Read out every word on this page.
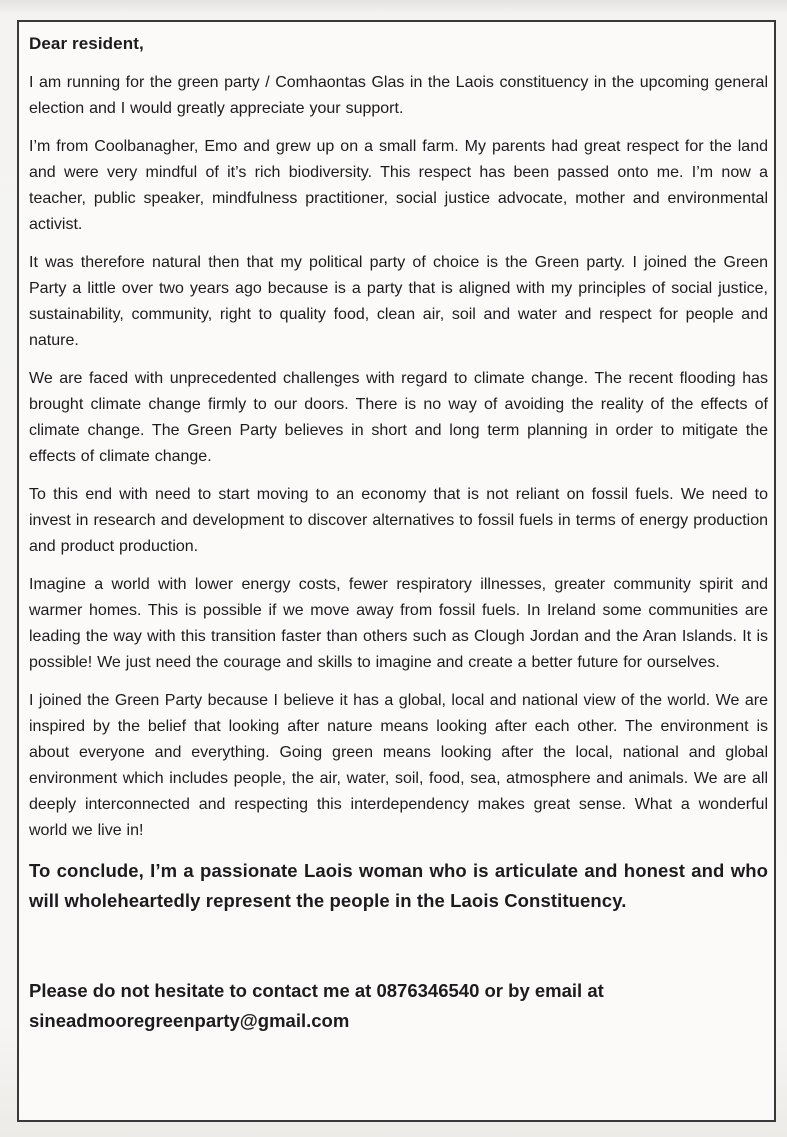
Dear resident,

I am running for the green party / Comhaontas Glas in the Laois constituency in the upcoming general election and I would greatly appreciate your support.

I’m from Coolbanagher, Emo and grew up on a small farm. My parents had great respect for the land and were very mindful of it’s rich biodiversity. This respect has been passed onto me. I’m now a teacher, public speaker, mindfulness practitioner, social justice advocate, mother and environmental activist.

It was therefore natural then that my political party of choice is the Green party. I joined the Green Party a little over two years ago because is a party that is aligned with my principles of social justice, sustainability, community, right to quality food, clean air, soil and water and respect for people and nature.

We are faced with unprecedented challenges with regard to climate change. The recent flooding has brought climate change firmly to our doors. There is no way of avoiding the reality of the effects of climate change. The Green Party believes in short and long term planning in order to mitigate the effects of climate change.

To this end with need to start moving to an economy that is not reliant on fossil fuels. We need to invest in research and development to discover alternatives to fossil fuels in terms of energy production and product production.

Imagine a world with lower energy costs, fewer respiratory illnesses, greater community spirit and warmer homes. This is possible if we move away from fossil fuels. In Ireland some communities are leading the way with this transition faster than others such as Clough Jordan and the Aran Islands. It is possible! We just need the courage and skills to imagine and create a better future for ourselves.

I joined the Green Party because I believe it has a global, local and national view of the world. We are inspired by the belief that looking after nature means looking after each other. The environment is about everyone and everything. Going green means looking after the local, national and global environment which includes people, the air, water, soil, food, sea, atmosphere and animals. We are all deeply interconnected and respecting this interdependency makes great sense. What a wonderful world we live in!

To conclude, I’m a passionate Laois woman who is articulate and honest and who will wholeheartedly represent the people in the Laois Constituency.

Please do not hesitate to contact me at 0876346540 or by email at sineadmooregreenparty@gmail.com
